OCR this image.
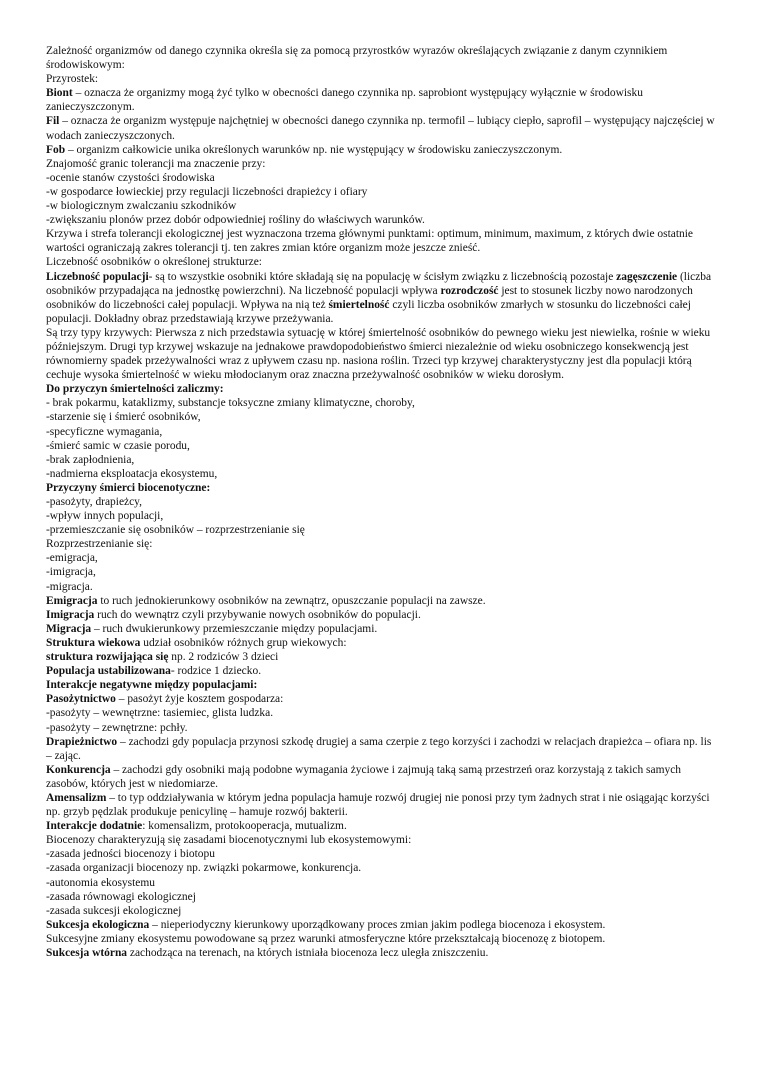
Zależność organizmów od danego czynnika określa się za pomocą przyrostków wyrazów określających związanie z danym czynnikiem środowiskowym:
Przyrostek:
Biont – oznacza że organizmy mogą żyć tylko w obecności danego czynnika np. saprobiont występujący wyłącznie w środowisku zanieczyszczonym.
Fil – oznacza że organizm występuje najchętniej w obecności danego czynnika np. termofil – lubiący ciepło, saprofil – występujący najczęściej w wodach zanieczyszczonych.
Fob – organizm całkowicie unika określonych warunków np. nie występujący w środowisku zanieczyszczonym.
Znajomość granic tolerancji ma znaczenie przy:
-ocenie stanów czystości środowiska
-w gospodarce łowieckiej przy regulacji liczebności drapieżcy i ofiary
-w biologicznym zwalczaniu szkodników
-zwiększaniu plonów przez dobór odpowiedniej rośliny do właściwych warunków.
Krzywa i strefa tolerancji ekologicznej jest wyznaczona trzema głównymi punktami: optimum, minimum, maximum, z których dwie ostatnie wartości ograniczają zakres tolerancji tj. ten zakres zmian które organizm może jeszcze znieść.
Liczebność osobników o określonej strukturze:
Liczebność populacji- są to wszystkie osobniki które składają się na populację w ścisłym związku z liczebnością pozostaje zagęszczenie (liczba osobników przypadająca na jednostkę powierzchni). Na liczebność populacji wpływa rozrodczość jest to stosunek liczby nowo narodzonych osobników do liczebności całej populacji. Wpływa na nią też śmiertelność czyli liczba osobników zmarłych w stosunku do liczebności całej populacji. Dokładny obraz przedstawiają krzywe przeżywania.
Są trzy typy krzywych: Pierwsza z nich przedstawia sytuację w której śmiertelność osobników do pewnego wieku jest niewielka, rośnie w wieku późniejszym. Drugi typ krzywej wskazuje na jednakowe prawdopodobieństwo śmierci niezależnie od wieku osobniczego konsekwencją jest równomierny spadek przeżywalności wraz z upływem czasu np. nasiona roślin. Trzeci typ krzywej charakterystyczny jest dla populacji którą cechuje wysoka śmiertelność w wieku młodocianym oraz znaczna przeżywalność osobników w wieku dorosłym.
Do przyczyn śmiertelności zaliczmy:
- brak pokarmu, kataklizmy, substancje toksyczne zmiany klimatyczne, choroby,
-starzenie się i śmierć osobników,
-specyficzne wymagania,
-śmierć samic w czasie porodu,
-brak zapłodnienia,
-nadmierna eksploatacja ekosystemu,
Przyczyny śmierci biocenotyczne:
-pasożyty, drapieżcy,
-wpływ innych populacji,
-przemieszczanie się osobników – rozprzestrzenianie się
Rozprzestrzenianie się:
-emigracja,
-imigracja,
-migracja.
Emigracja to ruch jednokierunkowy osobników na zewnątrz, opuszczanie populacji na zawsze.
Imigracja ruch do wewnątrz czyli przybywanie nowych osobników do populacji.
Migracja – ruch dwukierunkowy przemieszczanie między populacjami.
Struktura wiekowa udział osobników różnych grup wiekowych:
struktura rozwijająca się np. 2 rodziców 3 dzieci
Populacja ustabilizowana- rodzice 1 dziecko.
Interakcje negatywne między populacjami:
Pasożytnictwo – pasożyt żyje kosztem gospodarza:
-pasożyty – wewnętrzne: tasiemiec, glista ludzka.
-pasożyty – zewnętrzne: pchły.
Drapieżnictwo – zachodzi gdy populacja przynosi szkodę drugiej a sama czerpie z tego korzyści i zachodzi w relacjach drapieżca – ofiara np. lis – zając.
Konkurencja – zachodzi gdy osobniki mają podobne wymagania życiowe i zajmują taką samą przestrzeń oraz korzystają z takich samych zasobów, których jest w niedomiarze.
Amensalizm – to typ oddziaływania w którym jedna populacja hamuje rozwój drugiej nie ponosi przy tym żadnych strat i nie osiągając korzyści np. grzyb pędzlak produkuje penicylinę – hamuje rozwój bakterii.
Interakcje dodatnie: komensalizm, protokooperacja, mutualizm.
Biocenozy charakteryzują się zasadami biocenotycznymi lub ekosystemowymi:
-zasada jedności biocenozy i biotopu
-zasada organizacji biocenozy np. związki pokarmowe, konkurencja.
-autonomia ekosystemu
-zasada równowagi ekologicznej
-zasada sukcesji ekologicznej
Sukcesja ekologiczna – nieperiodyczny kierunkowy uporządkowany proces zmian jakim podlega biocenoza i ekosystem.
Sukcesyjne zmiany ekosystemu powodowane są przez warunki atmosferyczne które przekształcają biocenozę z biotopem.
Sukcesja wtórna zachodząca na terenach, na których istniała biocenoza lecz uległa zniszczeniu.
